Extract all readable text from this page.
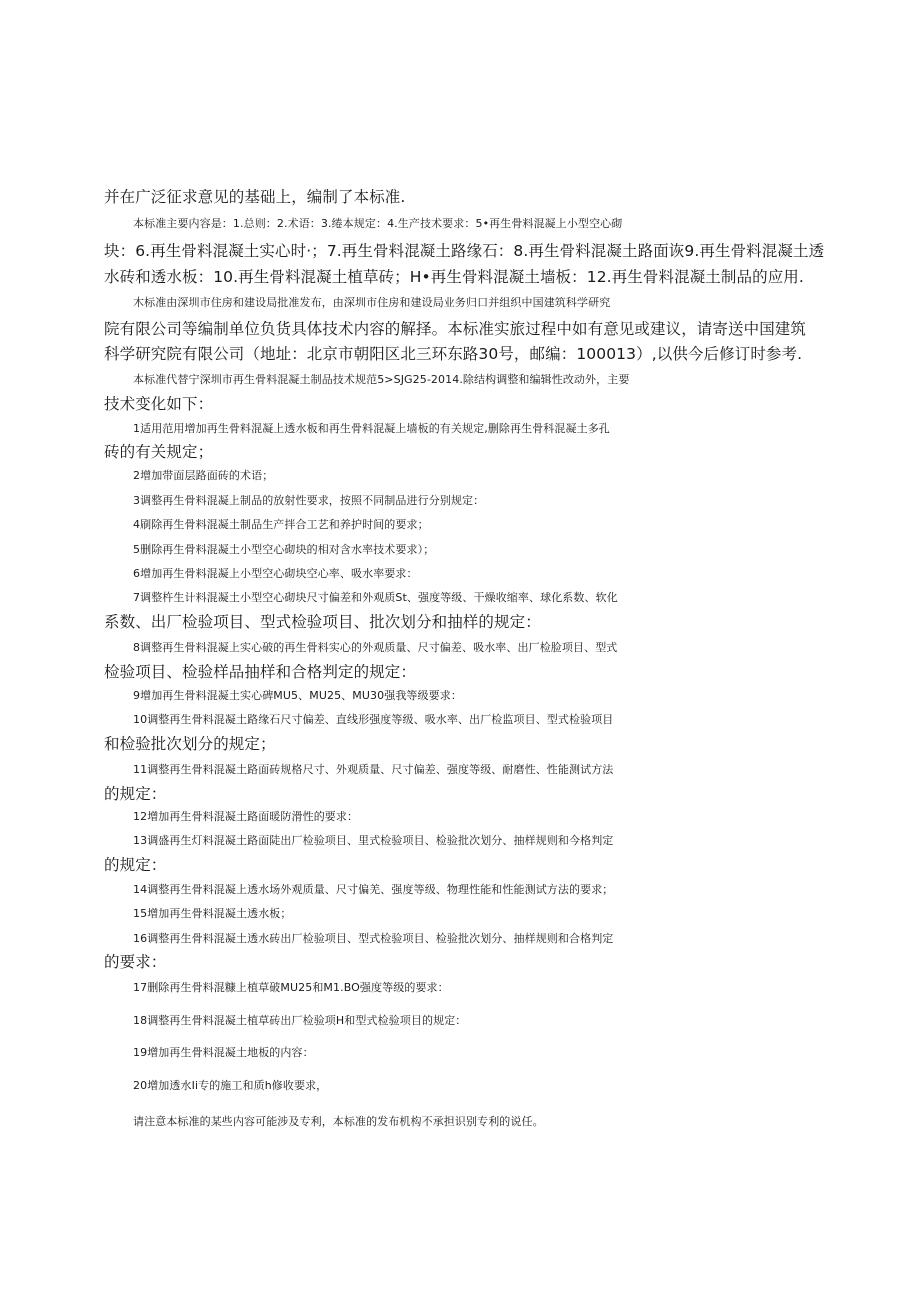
并在广泛征求意见的基础上，编制了本标准.
本标准主要内容是：1.总则：2.术语：3.绻本规定：4.生产技术要求：5•再生骨料混凝上小型空心砌
块：6.再生骨料混凝土实心时·；7.再生骨料混凝土路缘石：8.再生骨料混凝土路面诙9.再生骨料混凝土透
水砖和透水板：10.再生骨料混凝土植草砖；H•再生骨料混凝土墙板：12.再生骨料混凝土制品的应用.
木标准由深圳市住房和建设局批准发布，由深圳市住房和建设局业务归口并组织中国建筑科学研究
院有限公司等编制单位负货具体技术内容的解择。本标准实旅过程中如有意见或建议，请寄送中国建筑
科学研究院有限公司（地址：北京市朝阳区北三环东路30号，邮编：100013）,以供今后修订时参考.
本标准代替宁深圳市再生骨料混凝土制品技术规范5>SJG25-2014.除结构调整和编辑性改动外，主要
技术变化如下：
1适用范用增加再生骨料混凝上透水板和再生骨料混凝上墙板的有关规定,删除再生骨科混凝土多孔
砖的有关规定；
2增加带面层路面砖的术语；
3调整再生骨料混凝上制品的放射性要求，按照不同制品进行分别规定：
4刷除再生骨料混凝土制品生产拌合工艺和养护时间的要求；
5删除再生骨料混凝土小型空心砌块的相对含水率技术要求）；
6增加再生骨料混凝上小型空心砌块空心率、吸水率要求：
7调整杵生计料混凝土小型空心砌块尺寸偏差和外观质St、强度等级、干燥收缩率、球化系数、软化
系数、出厂检验项目、型式检验项目、批次划分和抽样的规定：
8调整再生骨料混凝上实心破的再生骨料实心的外观质量、尺寸偏差、吸水率、出厂检脸项目、型式
检验项目、检验样品抽样和合格判定的规定：
9增加再生骨料混凝土实心碑MU5、MU25、MU30强我等级要求：
10调整再生骨料混凝土路缘石尺寸偏差、直线形强度等级、吸水率、出厂检监项目、型式检验项目
和检验批次划分的规定；
11调整再生骨料混凝土路面砖规格尺寸、外观质量、尺寸偏差、强度等级、耐磨性、性能测试方法
的规定：
12增加再生骨料混凝土路面暖防滑性的要求：
13调盛再生灯料混凝土路面陡出厂检验项目、里式检验项目、检验批次划分、抽样规则和今格判定
的规定：
14调整再生骨料混凝上透水场外观质量、尺寸偏羌、强度等级、物理性能和性能测试方法的要求；
15增加再生骨料混凝土透水板；
16调整再生骨料混凝土透水砖出厂检验项目、型式检验项目、检验批次划分、抽样规则和合格判定
的要求：
17删除再生骨料混糠上植草破MU25和M1.BO强度等级的要求：
18调整再生骨料混凝土植草砖出厂检验项H和型式检验项目的规定：
19增加再生骨料混凝土地板的内容：
20增加透水Ii专的施工和质h修收要求，
请注意本标准的某些内容可能涉及专利，本标准的发布机构不承担识别专利的说任。
